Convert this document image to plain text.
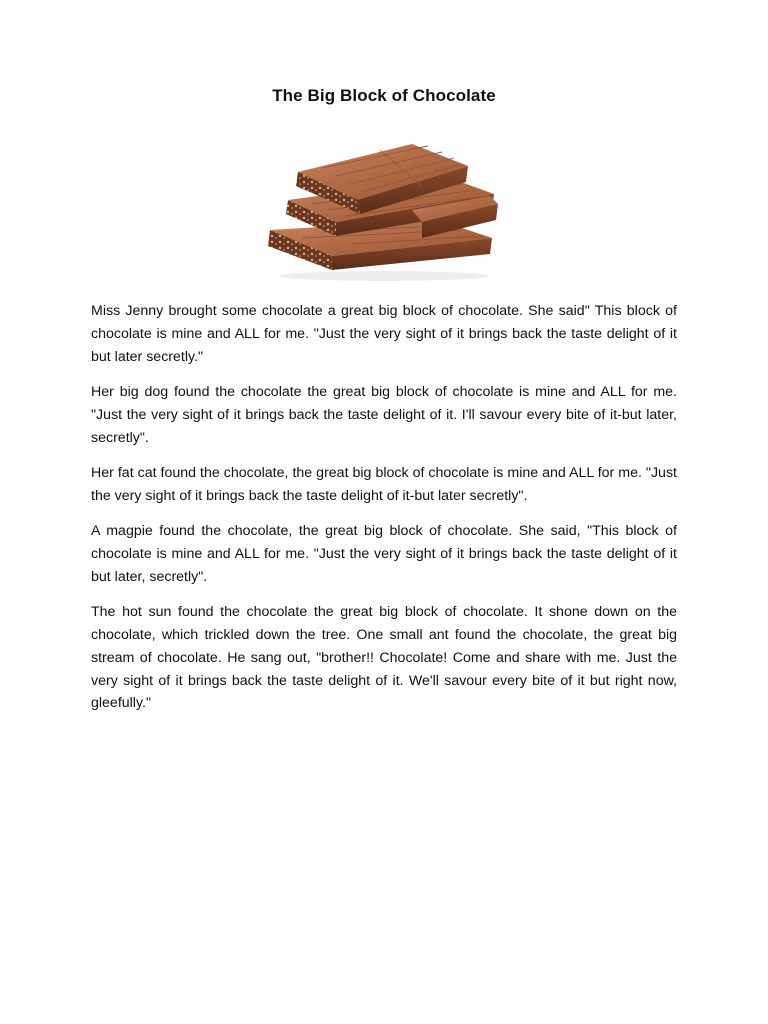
The Big Block of Chocolate

Miss Jenny brought some chocolate a great big block of chocolate. She said" This block of chocolate is mine and ALL for me. "Just the very sight of it brings back the taste delight of it but later secretly."

Her big dog found the chocolate the great big block of chocolate is mine and ALL for me. "Just the very sight of it brings back the taste delight of it. I'll savour every bite of it-but later, secretly".

Her fat cat found the chocolate, the great big block of chocolate is mine and ALL for me. "Just the very sight of it brings back the taste delight of it-but later secretly".

A magpie found the chocolate, the great big block of chocolate. She said, "This block of chocolate is mine and ALL for me. "Just the very sight of it brings back the taste delight of it but later, secretly".

The hot sun found the chocolate the great big block of chocolate. It shone down on the chocolate, which trickled down the tree. One small ant found the chocolate, the great big stream of chocolate. He sang out, "brother!! Chocolate! Come and share with me. Just the very sight of it brings back the taste delight of it. We'll savour every bite of it but right now, gleefully."
